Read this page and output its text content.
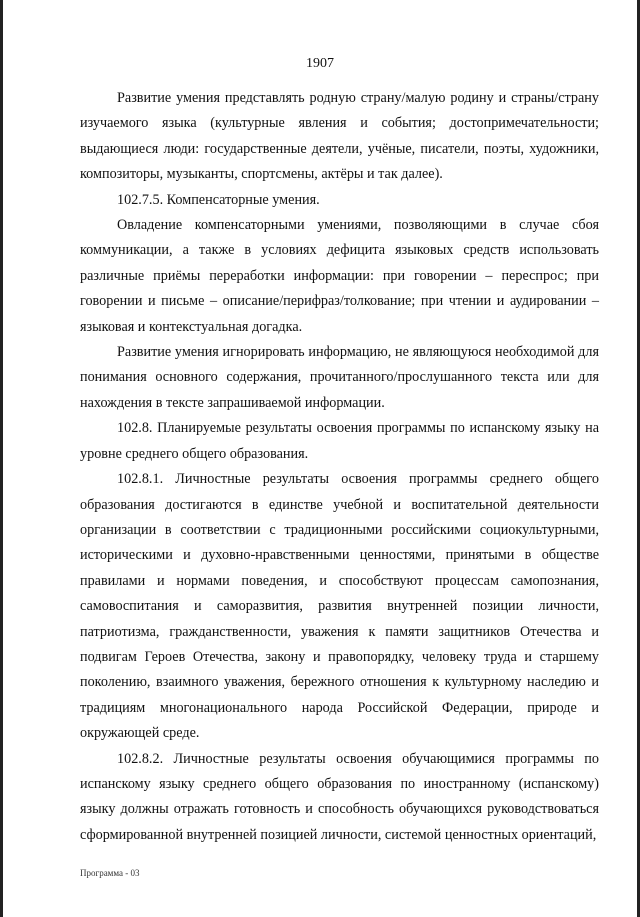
1907

Развитие умения представлять родную страну/малую родину и страны/страну изучаемого языка (культурные явления и события; достопримечательности; выдающиеся люди: государственные деятели, учёные, писатели, поэты, художники, композиторы, музыканты, спортсмены, актёры и так далее).

102.7.5. Компенсаторные умения.

Овладение компенсаторными умениями, позволяющими в случае сбоя коммуникации, а также в условиях дефицита языковых средств использовать различные приёмы переработки информации: при говорении – переспрос; при говорении и письме – описание/перифраз/толкование; при чтении и аудировании – языковая и контекстуальная догадка.

Развитие умения игнорировать информацию, не являющуюся необходимой для понимания основного содержания, прочитанного/прослушанного текста или для нахождения в тексте запрашиваемой информации.

102.8. Планируемые результаты освоения программы по испанскому языку на уровне среднего общего образования.

102.8.1. Личностные результаты освоения программы среднего общего образования достигаются в единстве учебной и воспитательной деятельности организации в соответствии с традиционными российскими социокультурными, историческими и духовно-нравственными ценностями, принятыми в обществе правилами и нормами поведения, и способствуют процессам самопознания, самовоспитания и саморазвития, развития внутренней позиции личности, патриотизма, гражданственности, уважения к памяти защитников Отечества и подвигам Героев Отечества, закону и правопорядку, человеку труда и старшему поколению, взаимного уважения, бережного отношения к культурному наследию и традициям многонационального народа Российской Федерации, природе и окружающей среде.

102.8.2. Личностные результаты освоения обучающимися программы по испанскому языку среднего общего образования по иностранному (испанскому) языку должны отражать готовность и способность обучающихся руководствоваться сформированной внутренней позицией личности, системой ценностных ориентаций,

Программа - 03
